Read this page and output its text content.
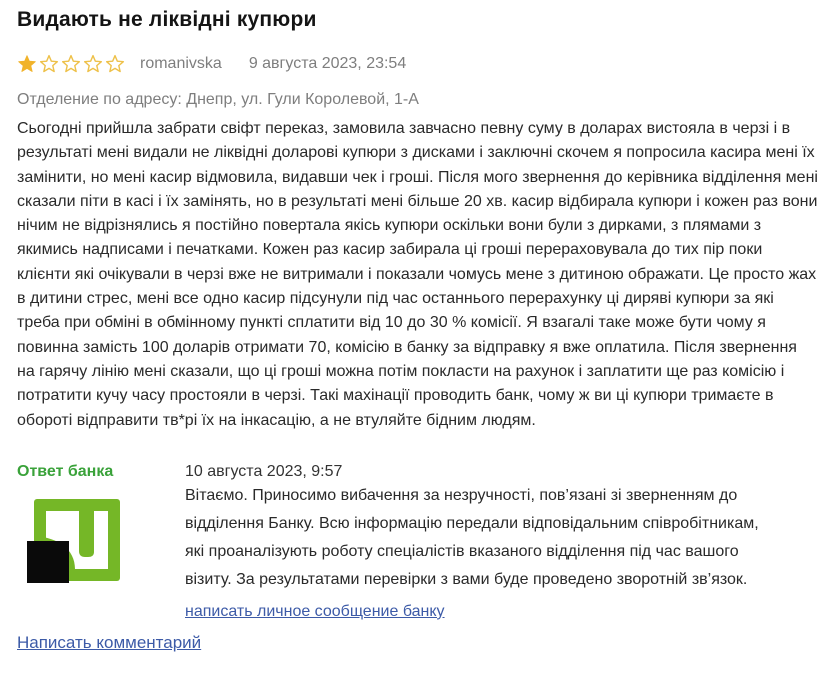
Видають не ліквідні купюри
romanivska 9 августа 2023, 23:54
Отделение по адресу: Днепр, ул. Гули Королевой, 1-А
Сьогодні прийшла забрати свіфт переказ, замовила завчасно певну суму в доларах вистояла в черзі і в результаті мені видали не ліквідні доларові купюри з дисками і заключні скочем я попросила касира мені їх замінити, но мені касир відмовила, видавши чек і гроші. Після мого звернення до керівника відділення мені сказали піти в касі і їх замінять, но в результаті мені більше 20 хв. касир відбирала купюри і кожен раз вони нічим не відрізнялись я постійно повертала якісь купюри оскільки вони були з дирками, з плямами з якимись надписами і печатками. Кожен раз касир забирала ці гроші перераховувала до тих пір поки клієнти які очікували в черзі вже не витримали і показали чомусь мене з дитиною ображати. Це просто жах в дитини стрес, мені все одно касир підсунули під час останнього перерахунку ці диряві купюри за які треба при обміні в обмінному пункті сплатити від 10 до 30 % комісії. Я взагалі таке може бути чому я повинна замість 100 доларів отримати 70, комісію в банку за відправку я вже оплатила. Після звернення на гарячу лінію мені сказали, що ці гроші можна потім покласти на рахунок і заплатити ще раз комісію і потратити кучу часу простояли в черзі. Такі махінації проводить банк, чому ж ви ці купюри тримаєте в обороті відправити тв*рі їх на інкасацію, а не втуляйте бідним людям.
Ответ банка	10 августа 2023, 9:57
Вітаємо. Приносимо вибачення за незручності, пов’язані зі зверненням до відділення Банку. Всю інформацію передали відповідальним співробітникам, які проаналізують роботу спеціалістів вказаного відділення під час вашого візиту. За результатами перевірки з вами буде проведено зворотній зв’язок.
написать личное сообщение банку
Написать комментарий
